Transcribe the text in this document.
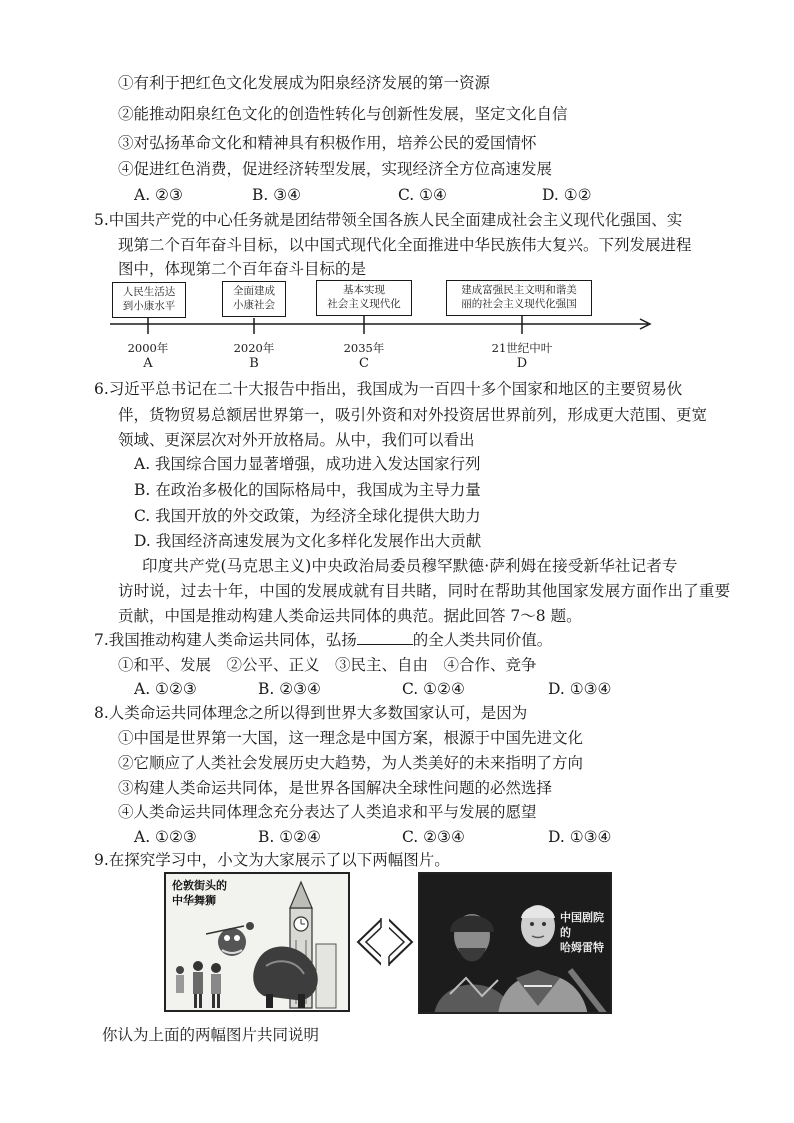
①有利于把红色文化发展成为阳泉经济发展的第一资源
②能推动阳泉红色文化的创造性转化与创新性发展，坚定文化自信
③对弘扬革命文化和精神具有积极作用，培养公民的爱国情怀
④促进红色消费，促进经济转型发展，实现经济全方位高速发展
A. ②③	B. ③④	C. ①④	D. ①②
5.中国共产党的中心任务就是团结带领全国各族人民全面建成社会主义现代化强国、实
现第二个百年奋斗目标，以中国式现代化全面推进中华民族伟大复兴。下列发展进程
图中，体现第二个百年奋斗目标的是
人民生活达
到小康水平
全面建成
小康社会
基本实现
社会主义现代化
建成富强民主文明和谐美
丽的社会主义现代化强国
2000年	2020年	2035年	21世纪中叶
A	B	C	D
6.习近平总书记在二十大报告中指出，我国成为一百四十多个国家和地区的主要贸易伙
伴，货物贸易总额居世界第一，吸引外资和对外投资居世界前列，形成更大范围、更宽
领域、更深层次对外开放格局。从中，我们可以看出
A. 我国综合国力显著增强，成功进入发达国家行列
B. 在政治多极化的国际格局中，我国成为主导力量
C. 我国开放的外交政策，为经济全球化提供大助力
D. 我国经济高速发展为文化多样化发展作出大贡献
印度共产党(马克思主义)中央政治局委员穆罕默德·萨利姆在接受新华社记者专
访时说，过去十年，中国的发展成就有目共睹，同时在帮助其他国家发展方面作出了重要
贡献，中国是推动构建人类命运共同体的典范。据此回答 7～8 题。
7.我国推动构建人类命运共同体，弘扬	的全人类共同价值。
①和平、发展　②公平、正义　③民主、自由　④合作、竞争
A. ①②③	B. ②③④	C. ①②④	D. ①③④
8.人类命运共同体理念之所以得到世界大多数国家认可，是因为
①中国是世界第一大国，这一理念是中国方案，根源于中国先进文化
②它顺应了人类社会发展历史大趋势，为人类美好的未来指明了方向
③构建人类命运共同体，是世界各国解决全球性问题的必然选择
④人类命运共同体理念充分表达了人类追求和平与发展的愿望
A. ①②③	B. ①②④	C. ②③④	D. ①③④
9.在探究学习中，小文为大家展示了以下两幅图片。
伦敦街头的
中华舞狮
中国剧院的
哈姆雷特
你认为上面的两幅图片共同说明
